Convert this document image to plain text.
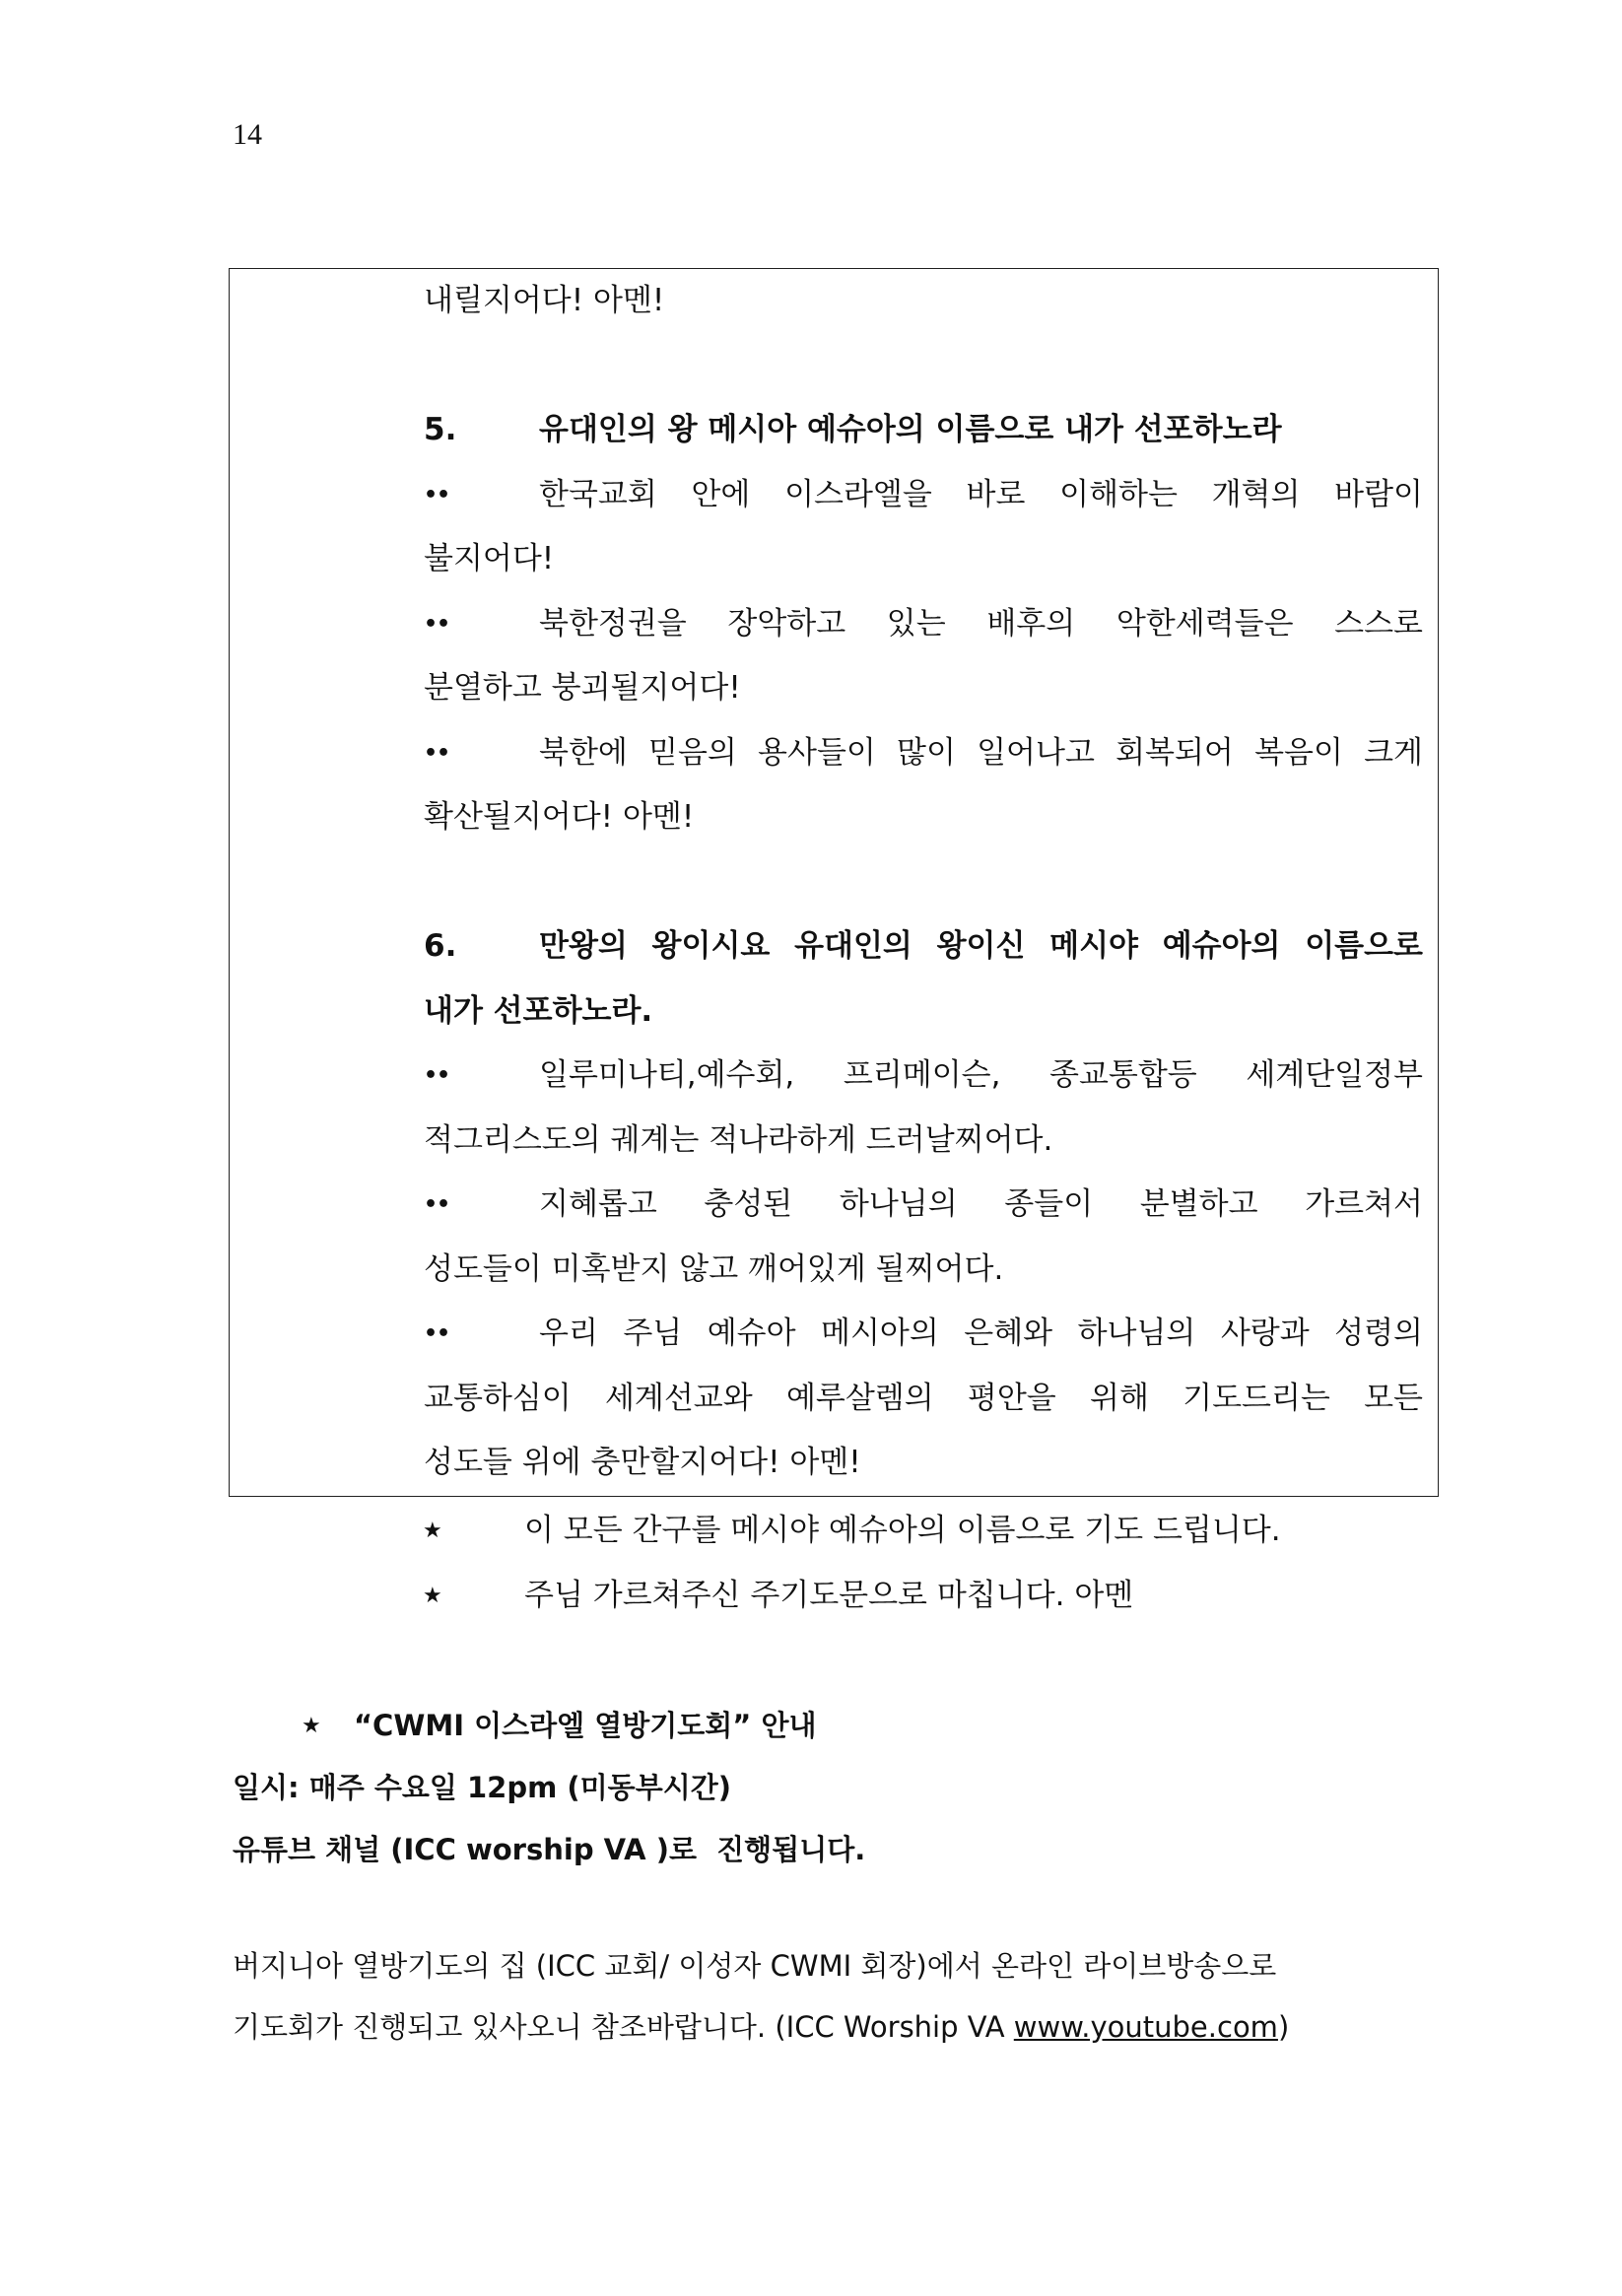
14
내릴지어다! 아멘!
5.	유대인의 왕 메시아 예슈아의 이름으로 내가 선포하노라
••	한국교회 안에 이스라엘을 바로 이해하는 개혁의 바람이
불지어다!
••	북한정권을 장악하고 있는 배후의 악한세력들은 스스로
분열하고 붕괴될지어다!
••	북한에 믿음의 용사들이 많이 일어나고 회복되어 복음이 크게
확산될지어다! 아멘!
6.	만왕의 왕이시요 유대인의 왕이신 메시야 예슈아의 이름으로
내가 선포하노라.
••	일루미나티,예수회, 프리메이슨, 종교통합등 세계단일정부
적그리스도의 궤계는 적나라하게 드러날찌어다.
••	지혜롭고 충성된 하나님의 종들이 분별하고 가르쳐서
성도들이 미혹받지 않고 깨어있게 될찌어다.
••	우리 주님 예슈아 메시아의 은혜와 하나님의 사랑과 성령의
교통하심이 세계선교와 예루살렘의 평안을 위해 기도드리는 모든
성도들 위에 충만할지어다! 아멘!
★	이 모든 간구를 메시야 예슈아의 이름으로 기도 드립니다.
★	주님 가르쳐주신 주기도문으로 마칩니다. 아멘
★ “CWMI 이스라엘 열방기도회” 안내
일시: 매주 수요일 12pm (미동부시간)
유튜브 채널 (ICC worship VA )로  진행됩니다.
버지니아 열방기도의 집 (ICC 교회/ 이성자 CWMI 회장)에서 온라인 라이브방송으로
기도회가 진행되고 있사오니 참조바랍니다. (ICC Worship VA www.youtube.com)
